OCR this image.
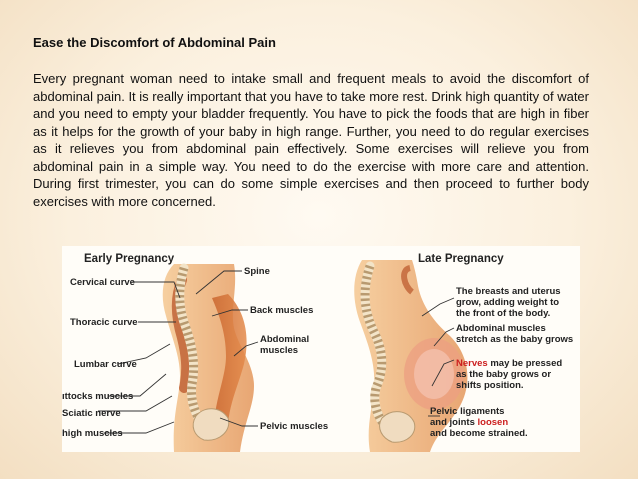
Ease the Discomfort of Abdominal Pain

Every pregnant woman need to intake small and frequent meals to avoid the discomfort of abdominal pain. It is really important that you have to take more rest. Drink high quantity of water and you need to empty your bladder frequently. You have to pick the foods that are high in fiber as it helps for the growth of your baby in high range. Further, you need to do regular exercises as it relieves you from abdominal pain effectively. Some exercises will relieve you from abdominal pain in a simple way. You need to do the exercise with more care and attention. During first trimester, you can do some simple exercises and then proceed to further body exercises with more concerned.

Early Pregnancy
Cervical curve
Thoracic curve
Lumbar curve
ıttocks muscles
Sciatic nerve
high muscles
Spine
Back muscles
Abdominal
muscles
Pelvic muscles
Late Pregnancy
The breasts and uterus
grow, adding weight to
the front of the body.
Abdominal muscles
stretch as the baby grows
Nerves may be pressed
as the baby grows or
shifts position.
Pelvic ligaments
and joints loosen
and become strained.
